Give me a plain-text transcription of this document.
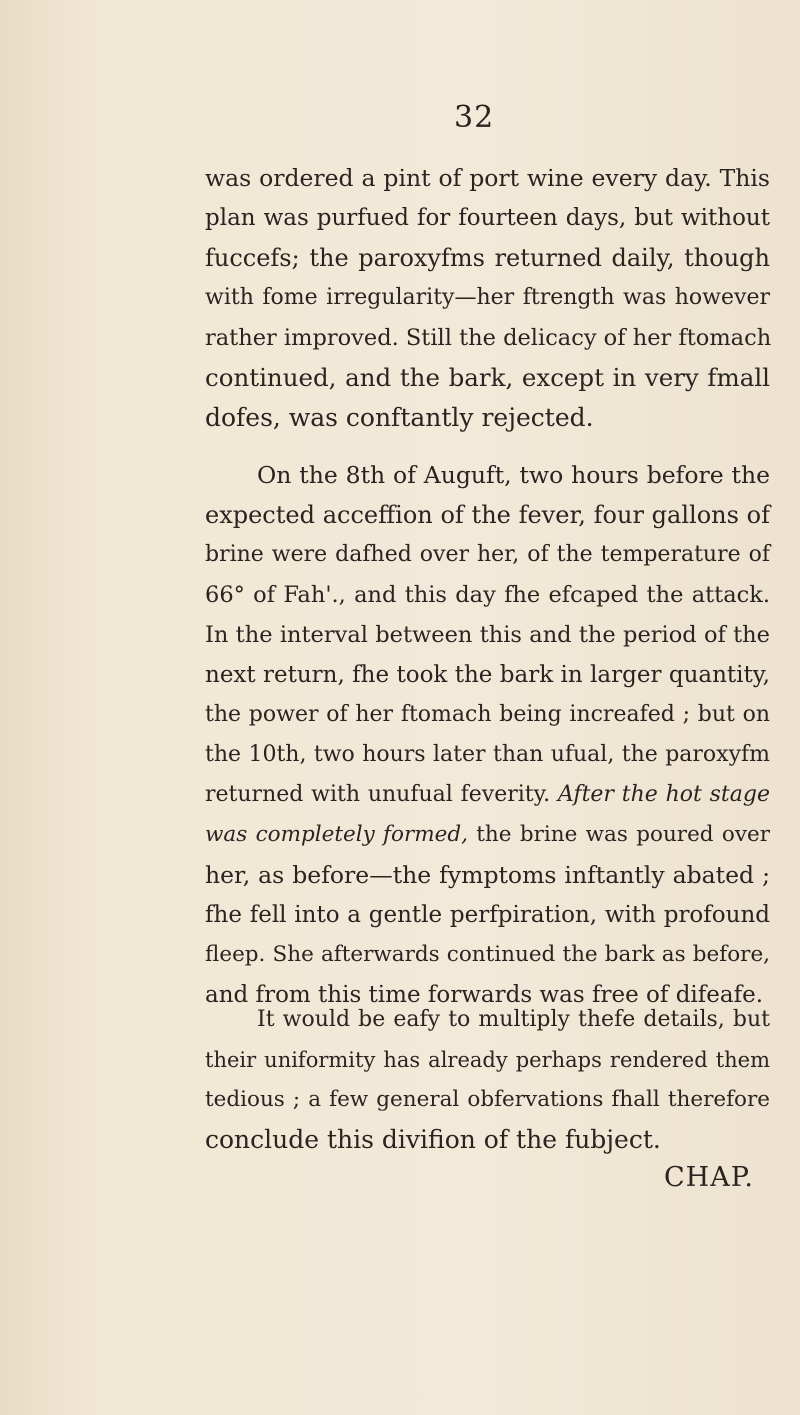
32
was ordered a pint of port wine every day. This
plan was purfued for fourteen days, but without
fuccefs; the paroxyfms returned daily, though
with fome irregularity—her ftrength was however
rather improved. Still the delicacy of her ftomach
continued, and the bark, except in very fmall
dofes, was conftantly rejected.
On the 8th of Auguft, two hours before the
expected acceffion of the fever, four gallons of
brine were dafhed over her, of the temperature of
66° of Fah'., and this day fhe efcaped the attack.
In the interval between this and the period of the
next return, fhe took the bark in larger quantity,
the power of her ftomach being increafed ; but on
the 10th, two hours later than ufual, the paroxyfm
returned with unufual feverity. After the hot stage
was completely formed, the brine was poured over
her, as before—the fymptoms inftantly abated ;
fhe fell into a gentle perfpiration, with profound
fleep. She afterwards continued the bark as before,
and from this time forwards was free of difeafe.
It would be eafy to multiply thefe details, but
their uniformity has already perhaps rendered them
tedious ; a few general obfervations fhall therefore
conclude this divifion of the fubject.
CHAP.
